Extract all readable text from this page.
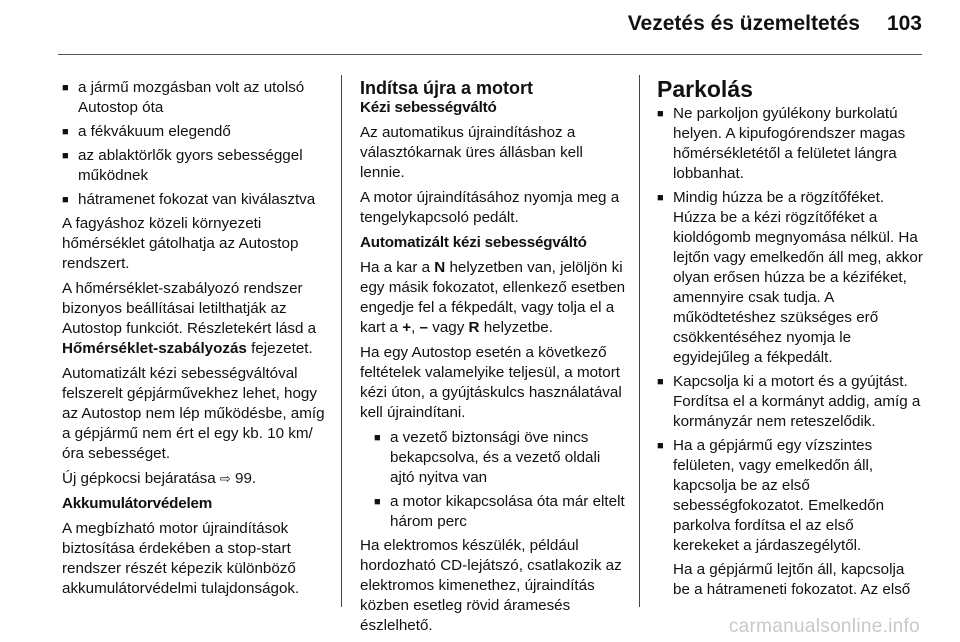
Vezetés és üzemeltetés 103
■ a jármű mozgásban volt az utolsó Autostop óta
■ a fékvákuum elegendő
■ az ablaktörlők gyors sebességgel működnek
■ hátramenet fokozat van kiválasztva

A fagyáshoz közeli környezeti hőmérséklet gátolhatja az Autostop rendszert.

A hőmérséklet-szabályozó rendszer bizonyos beállításai letilthatják az Autostop funkciót. Részletekért lásd a Hőmérséklet-szabályozás fejezetet.

Automatizált kézi sebességváltóval felszerelt gépjárművekhez lehet, hogy az Autostop nem lép működésbe, amíg a gépjármű nem ért el egy kb. 10 km/óra sebességet.

Új gépkocsi bejáratása ⇨ 99.

Akkumulátorvédelem

A megbízható motor újraindítások biztosítása érdekében a stop-start rendszer részét képezik különböző akkumulátorvédelmi tulajdonságok.

Indítsa újra a motort

Kézi sebességváltó

Az automatikus újraindításhoz a választókarnak üres állásban kell lennie.

A motor újraindításához nyomja meg a tengelykapcsoló pedált.

Automatizált kézi sebességváltó

Ha a kar a N helyzetben van, jelöljön ki egy másik fokozatot, ellenkező esetben engedje fel a fékpedált, vagy tolja el a kart a +, – vagy R helyzetbe.

Ha egy Autostop esetén a következő feltételek valamelyike teljesül, a motort kézi úton, a gyújtáskulcs használatával kell újraindítani.

■ a vezető biztonsági öve nincs bekapcsolva, és a vezető oldali ajtó nyitva van
■ a motor kikapcsolása óta már eltelt három perc

Ha elektromos készülék, például hordozható CD-lejátszó, csatlakozik az elektromos kimenethez, újraindítás közben esetleg rövid áramesés észlelhető.

Parkolás

■ Ne parkoljon gyúlékony burkolatú helyen. A kipufogórendszer magas hőmérsékletétől a felületet lángra lobbanhat.
■ Mindig húzza be a rögzítőféket. Húzza be a kézi rögzítőféket a kioldógomb megnyomása nélkül. Ha lejtőn vagy emelkedőn áll meg, akkor olyan erősen húzza be a kéziféket, amennyire csak tudja. A működtetéshez szükséges erő csökkentéséhez nyomja le egyidejűleg a fékpedált.
■ Kapcsolja ki a motort és a gyújtást. Fordítsa el a kormányt addig, amíg a kormányzár nem reteszelődik.
■ Ha a gépjármű egy vízszintes felületen, vagy emelkedőn áll, kapcsolja be az első sebességfokozatot. Emelkedőn parkolva fordítsa el az első kerekeket a járdaszegélytől.

Ha a gépjármű lejtőn áll, kapcsolja be a hátrameneti fokozatot. Az első

carmanualsonline.info
